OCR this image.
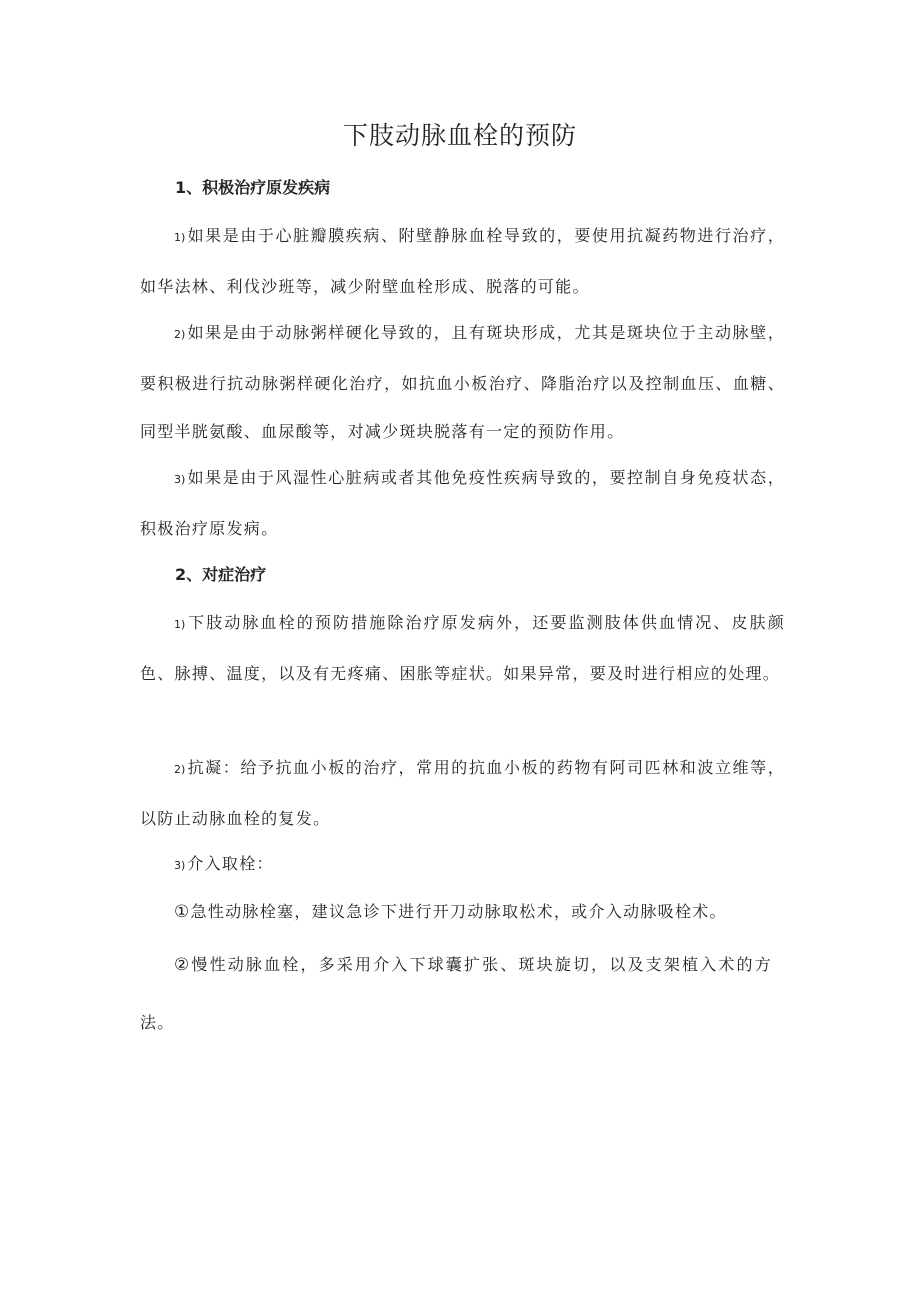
下肢动脉血栓的预防
1、积极治疗原发疾病

1) 如果是由于心脏瓣膜疾病、附壁静脉血栓导致的，要使用抗凝药物进行治疗，如华法林、利伐沙班等，减少附壁血栓形成、脱落的可能。

2) 如果是由于动脉粥样硬化导致的，且有斑块形成，尤其是斑块位于主动脉壁，要积极进行抗动脉粥样硬化治疗，如抗血小板治疗、降脂治疗以及控制血压、血糖、同型半胱氨酸、血尿酸等，对减少斑块脱落有一定的预防作用。

3) 如果是由于风湿性心脏病或者其他免疫性疾病导致的，要控制自身免疫状态，积极治疗原发病。

2、对症治疗

1) 下肢动脉血栓的预防措施除治疗原发病外，还要监测肢体供血情况、皮肤颜色、脉搏、温度，以及有无疼痛、困胀等症状。如果异常，要及时进行相应的处理。

2) 抗凝：给予抗血小板的治疗，常用的抗血小板的药物有阿司匹林和波立维等，以防止动脉血栓的复发。

3) 介入取栓：

①急性动脉栓塞，建议急诊下进行开刀动脉取松术，或介入动脉吸栓术。

②慢性动脉血栓，多采用介入下球囊扩张、斑块旋切，以及支架植入术的方法。
